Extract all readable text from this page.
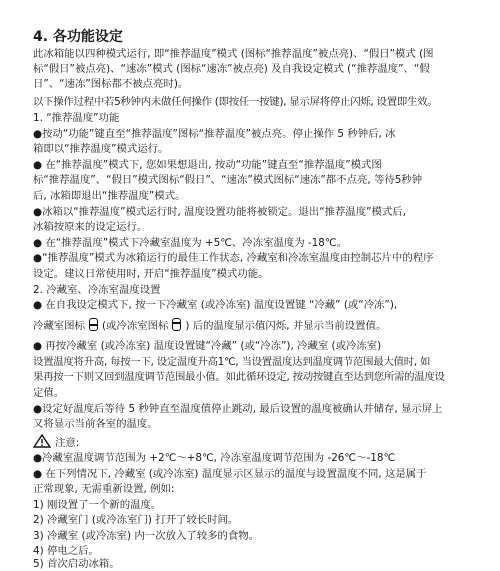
4. 各功能设定
此冰箱能以四种模式运行, 即“推荐温度”模式 (图标“推荐温度”被点亮)、“假日”模式 (图
标“假日”被点亮)、“速冻”模式 (图标“速冻”被点亮) 及自我设定模式 (“推荐温度”、“假
日”、“速冻”图标都不被点亮时)。
以下操作过程中若5秒钟内未做任何操作 (即按任一按键), 显示屏将停止闪烁, 设置即生效。
1. “推荐温度”功能
●按动“功能”键直至“推荐温度”图标“推荐温度”被点亮。停止操作 5 秒钟后, 冰
箱即以“推荐温度”模式运行。
● 在“推荐温度”模式下, 您如果想退出, 按动“功能”键直至“推荐温度”模式图
标“推荐温度”、“假日”模式图标“假日”、“速冻”模式图标“速冻”都不点亮, 等待5秒钟
后, 冰箱即退出“推荐温度”模式。
●冰箱以“推荐温度”模式运行时, 温度设置功能将被锁定。退出“推荐温度”模式后,
冰箱按原来的设定运行。
● 在“推荐温度”模式下冷藏室温度为 +5℃、冷冻室温度为 -18℃。
●“推荐温度”模式为冰箱运行的最佳工作状态, 冷藏室和冷冻室温度由控制芯片中的程序
设定。建议日常使用时, 开启“推荐温度”模式功能。
2. 冷藏室、冷冻室温度设置
● 在自我设定模式下, 按一下冷藏室 (或冷冻室) 温度设置键 “冷藏” (或“冷冻”),
冷藏室图标 (或冷冻室图标 ) 后的温度显示值闪烁, 并显示当前设置值。
● 再按冷藏室 (或冷冻室) 温度设置键“冷藏” (或“冷冻”), 冷藏室 (或冷冻室)
设置温度将升高, 每按一下, 设定温度升高1℃, 当设置温度达到温度调节范围最大值时, 如
果再按一下则又回到温度调节范围最小值。如此循环设定, 按动按键直至达到您所需的温度设
定值。
●设定好温度后等待 5 秒钟直至温度值停止跳动, 最后设置的温度被确认并储存, 显示屏上
又将显示当前各室的温度。
注意:
●冷藏室温度调节范围为 +2℃～+8℃, 冷冻室温度调节范围为 -26℃～-18℃
● 在下列情况下, 冷藏室 (或冷冻室) 温度显示区显示的温度与设置温度不同, 这是属于
正常现象, 无需重新设置, 例如:
1) 刚设置了一个新的温度。
2) 冷藏室门 (或冷冻室门) 打开了较长时间。
3) 冷藏室 (或冷冻室) 内一次放入了较多的食物。
4) 停电之后。
5) 首次启动冰箱。
